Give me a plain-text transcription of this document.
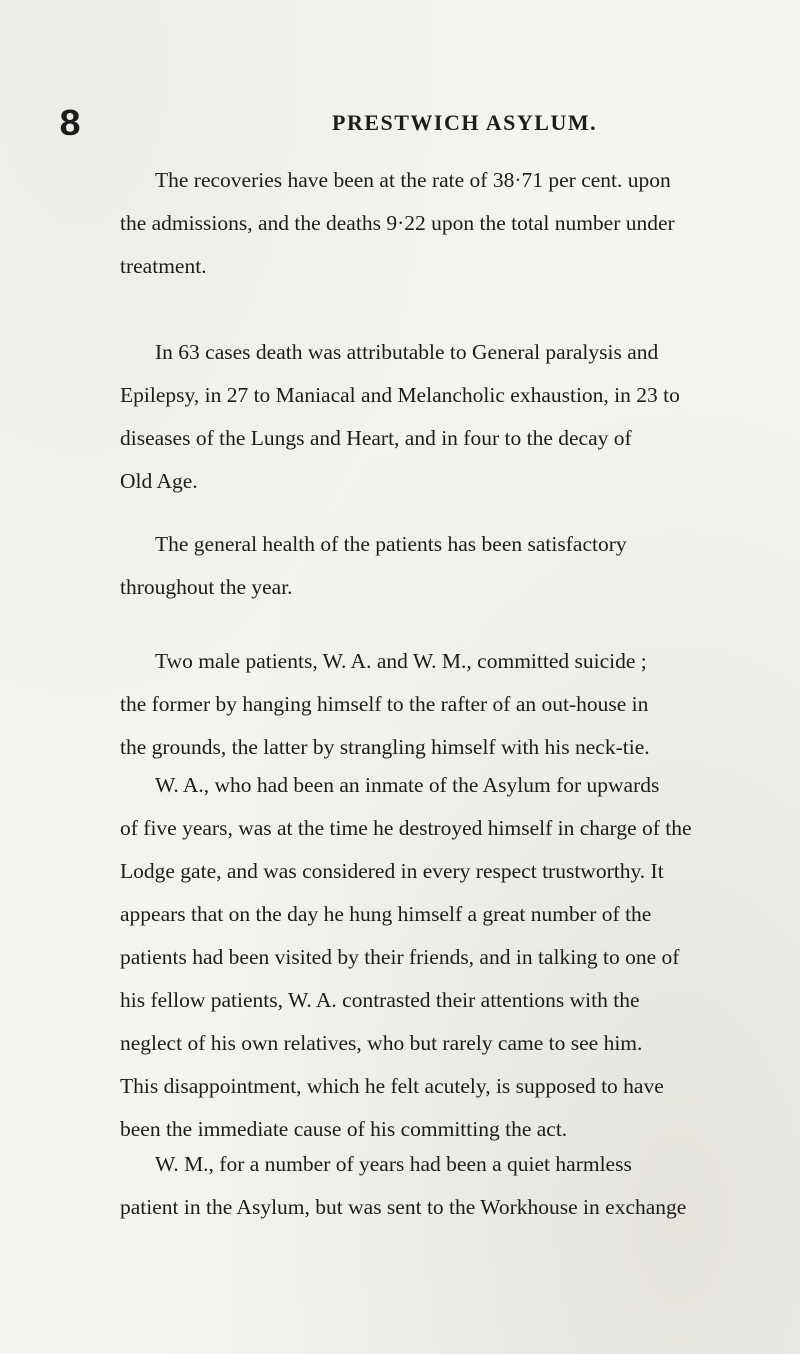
8	PRESTWICH ASYLUM.

The recoveries have been at the rate of 38·71 per cent. upon
the admissions, and the deaths 9·22 upon the total number under
treatment.

In 63 cases death was attributable to General paralysis and
Epilepsy, in 27 to Maniacal and Melancholic exhaustion, in 23 to
diseases of the Lungs and Heart, and in four to the decay of
Old Age.

The general health of the patients has been satisfactory
throughout the year.

Two male patients, W. A. and W. M., committed suicide ;
the former by hanging himself to the rafter of an out-house in
the grounds, the latter by strangling himself with his neck-tie.

W. A., who had been an inmate of the Asylum for upwards
of five years, was at the time he destroyed himself in charge of the
Lodge gate, and was considered in every respect trustworthy. It
appears that on the day he hung himself a great number of the
patients had been visited by their friends, and in talking to one of
his fellow patients, W. A. contrasted their attentions with the
neglect of his own relatives, who but rarely came to see him.
This disappointment, which he felt acutely, is supposed to have
been the immediate cause of his committing the act.

W. M., for a number of years had been a quiet harmless
patient in the Asylum, but was sent to the Workhouse in exchange
